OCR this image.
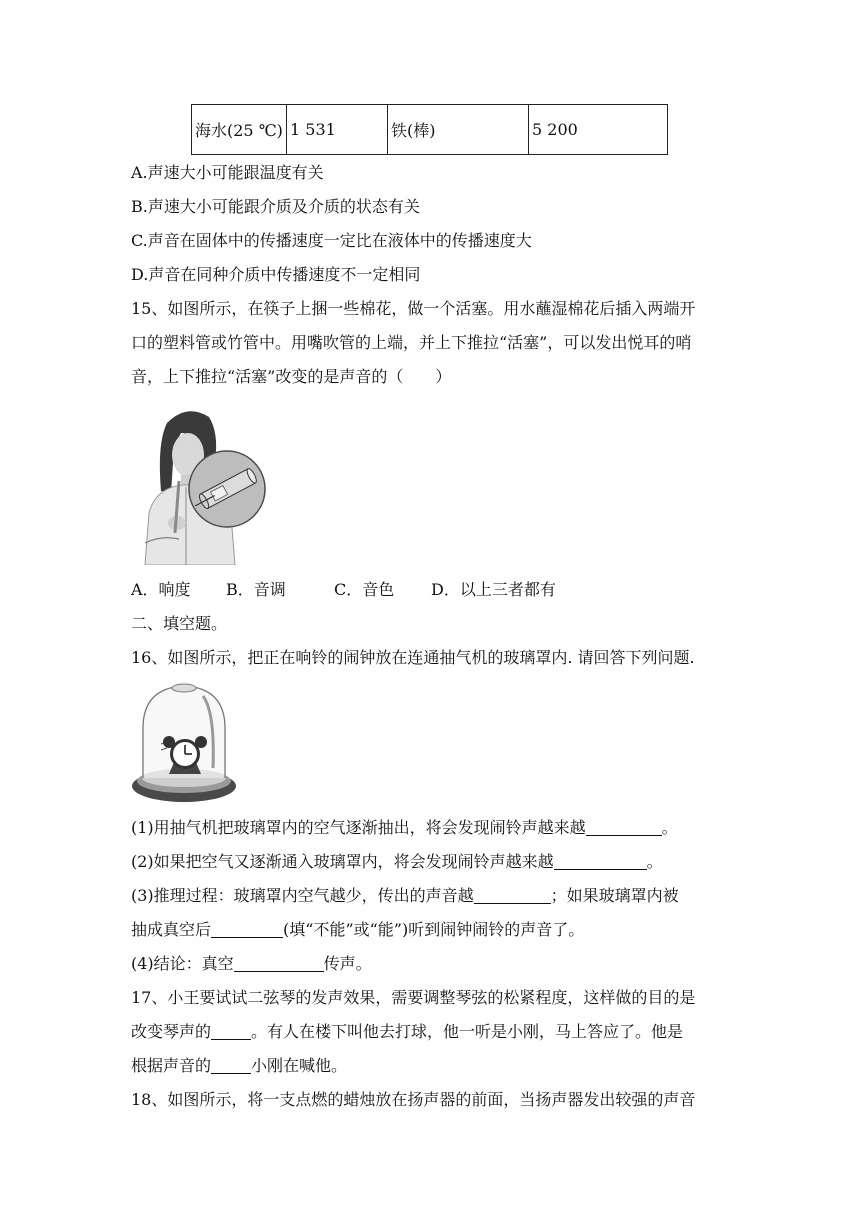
海水(25 ℃)	1 531	铁(棒)	5 200
A.声速大小可能跟温度有关
B.声速大小可能跟介质及介质的状态有关
C.声音在固体中的传播速度一定比在液体中的传播速度大
D.声音在同种介质中传播速度不一定相同
15、如图所示，在筷子上捆一些棉花，做一个活塞。用水蘸湿棉花后插入两端开
口的塑料管或竹管中。用嘴吹管的上端，并上下推拉“活塞”，可以发出悦耳的哨
音，上下推拉“活塞”改变的是声音的（　　）
A．响度 B．音调	C．音色 D．以上三者都有
二、填空题。
16、如图所示，把正在响铃的闹钟放在连通抽气机的玻璃罩内. 请回答下列问题.
(1)用抽气机把玻璃罩内的空气逐渐抽出，将会发现闹铃声越来越	。
(2)如果把空气又逐渐通入玻璃罩内，将会发现闹铃声越来越	。
(3)推理过程：玻璃罩内空气越少，传出的声音越	；如果玻璃罩内被
抽成真空后	(填“不能”或“能”)听到闹钟闹铃的声音了。
(4)结论：真空	传声。
17、小王要试试二弦琴的发声效果，需要调整琴弦的松紧程度，这样做的目的是
改变琴声的	。有人在楼下叫他去打球，他一听是小刚，马上答应了。他是
根据声音的	小刚在喊他。
18、如图所示，将一支点燃的蜡烛放在扬声器的前面，当扬声器发出较强的声音
